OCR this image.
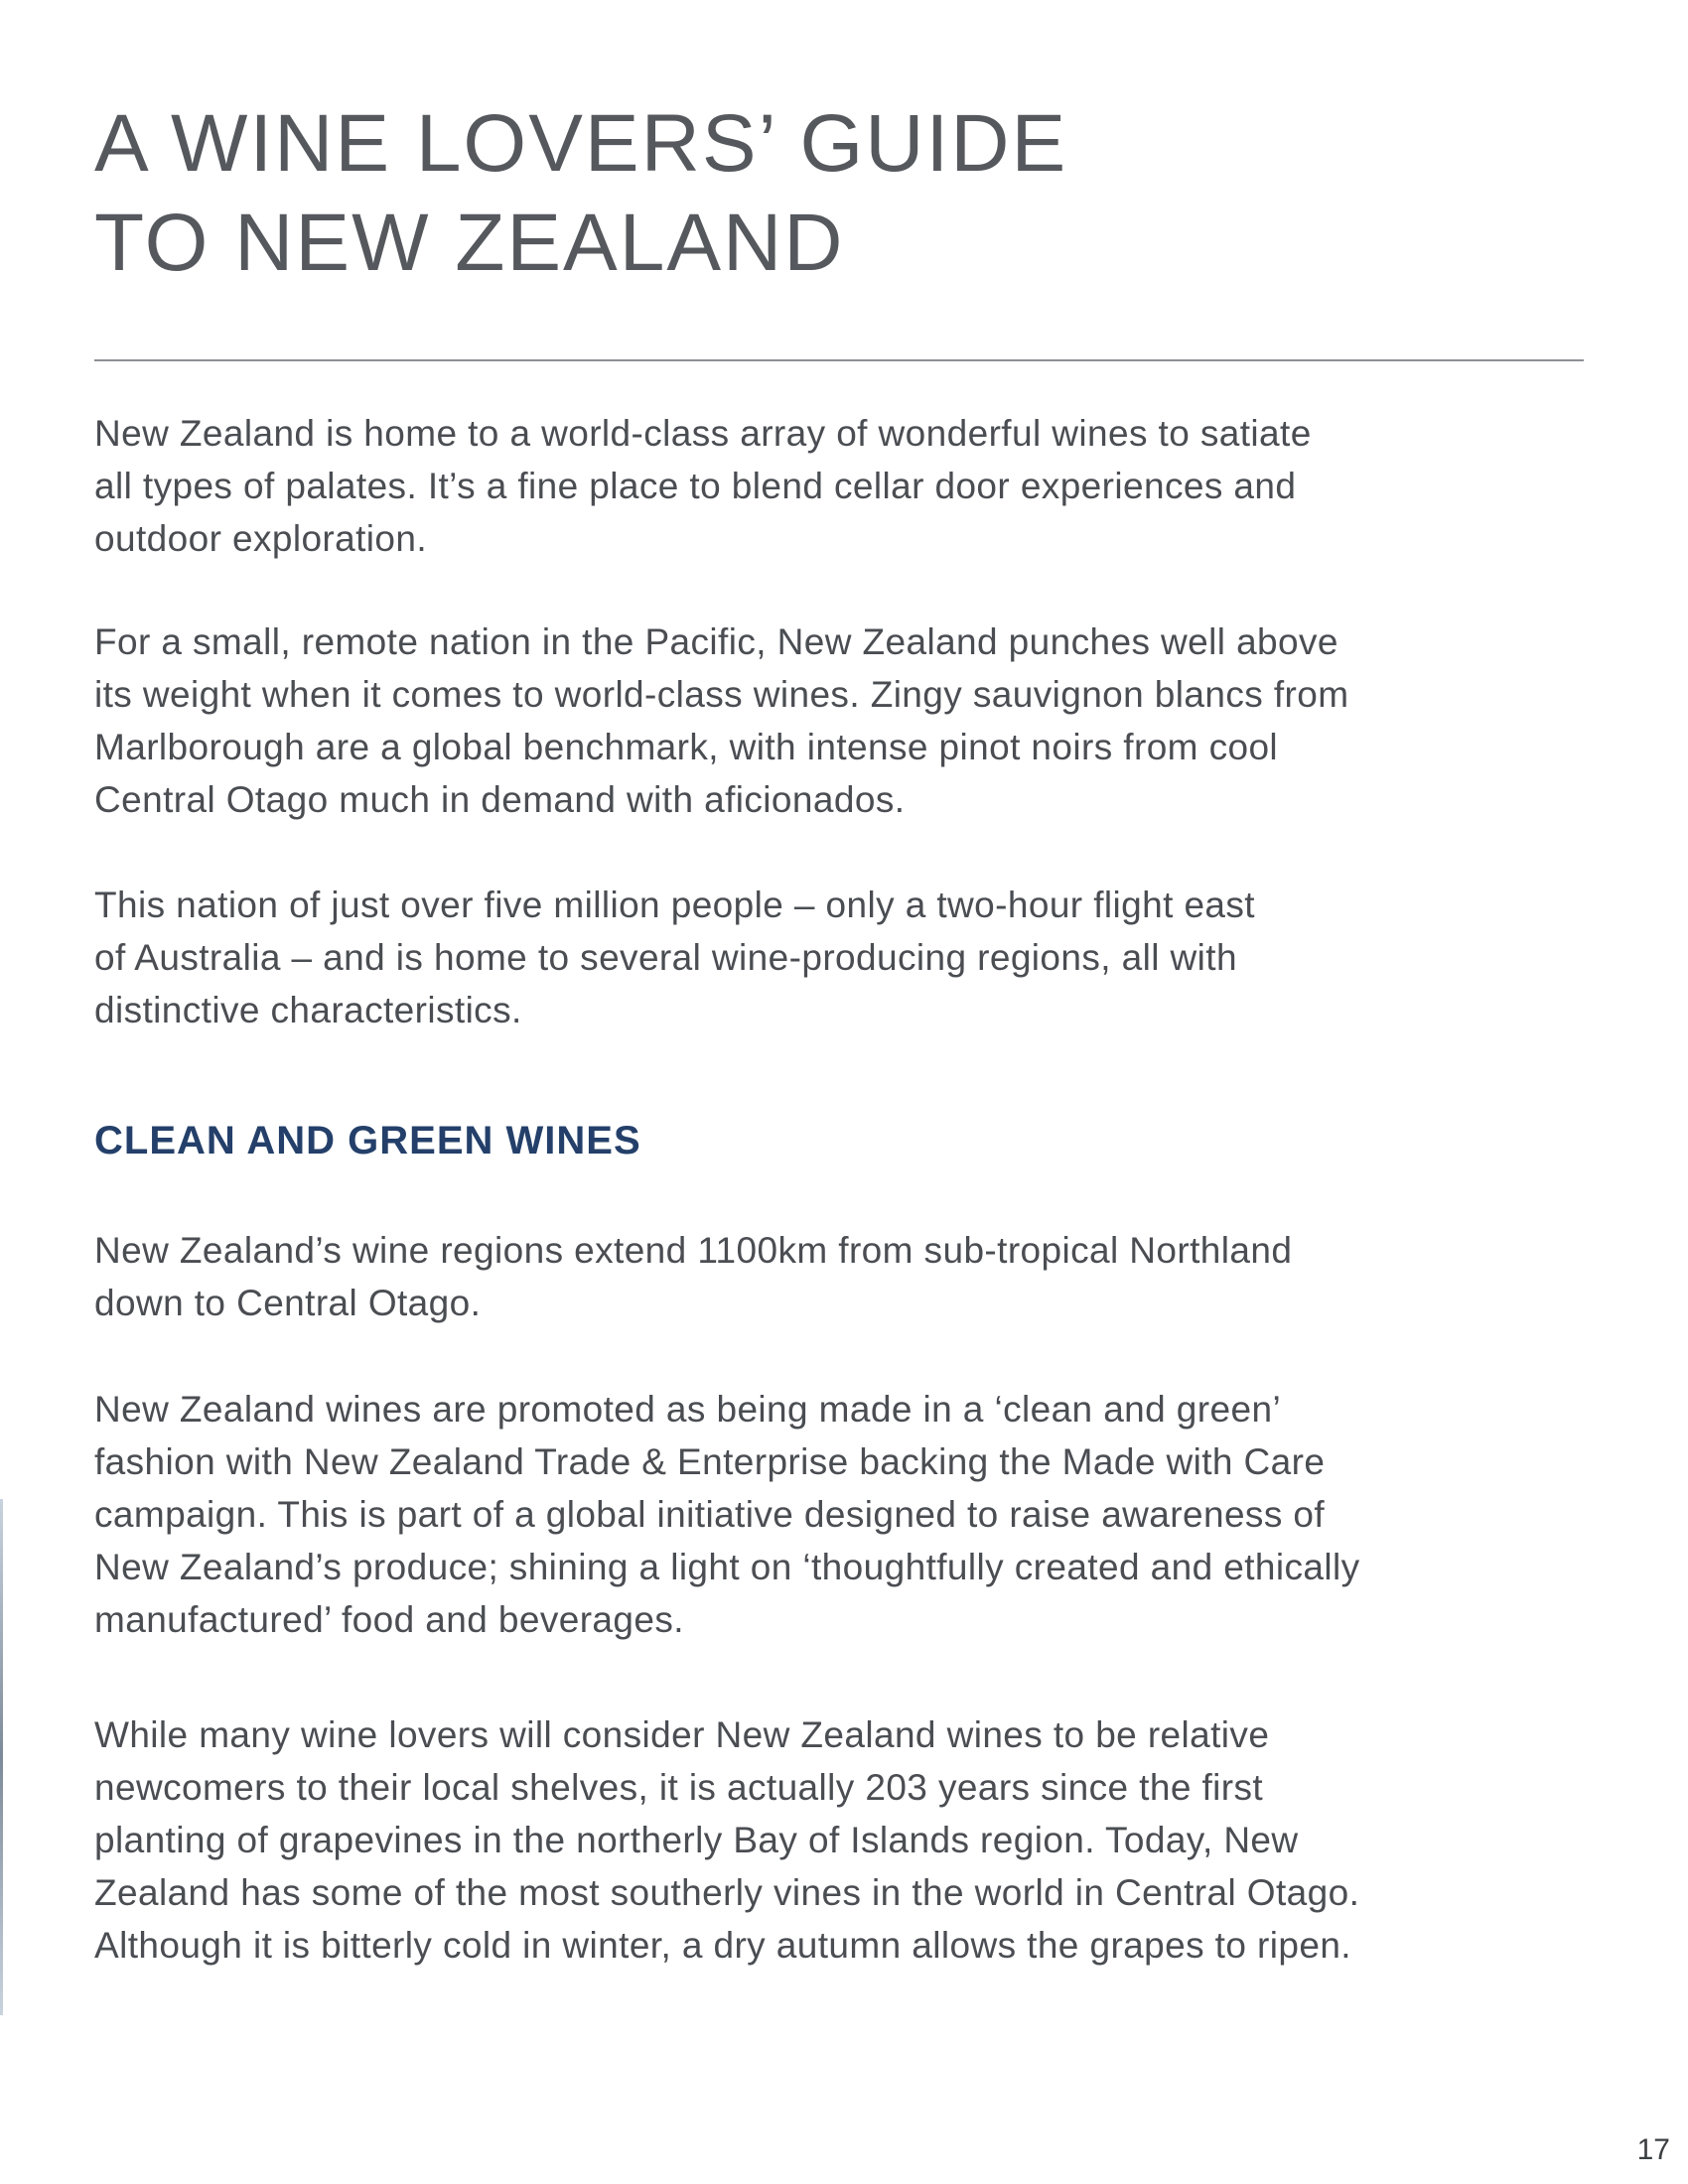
A WINE LOVERS’ GUIDE
TO NEW ZEALAND

New Zealand is home to a world-class array of wonderful wines to satiate
all types of palates. It’s a fine place to blend cellar door experiences and
outdoor exploration.

For a small, remote nation in the Pacific, New Zealand punches well above
its weight when it comes to world-class wines. Zingy sauvignon blancs from
Marlborough are a global benchmark, with intense pinot noirs from cool
Central Otago much in demand with aficionados.

This nation of just over five million people – only a two-hour flight east
of Australia – and is home to several wine-producing regions, all with
distinctive characteristics.

CLEAN AND GREEN WINES

New Zealand’s wine regions extend 1100km from sub-tropical Northland
down to Central Otago.

New Zealand wines are promoted as being made in a ‘clean and green’
fashion with New Zealand Trade & Enterprise backing the Made with Care
campaign. This is part of a global initiative designed to raise awareness of
New Zealand’s produce; shining a light on ‘thoughtfully created and ethically
manufactured’ food and beverages.

While many wine lovers will consider New Zealand wines to be relative
newcomers to their local shelves, it is actually 203 years since the first
planting of grapevines in the northerly Bay of Islands region. Today, New
Zealand has some of the most southerly vines in the world in Central Otago.
Although it is bitterly cold in winter, a dry autumn allows the grapes to ripen.

17
